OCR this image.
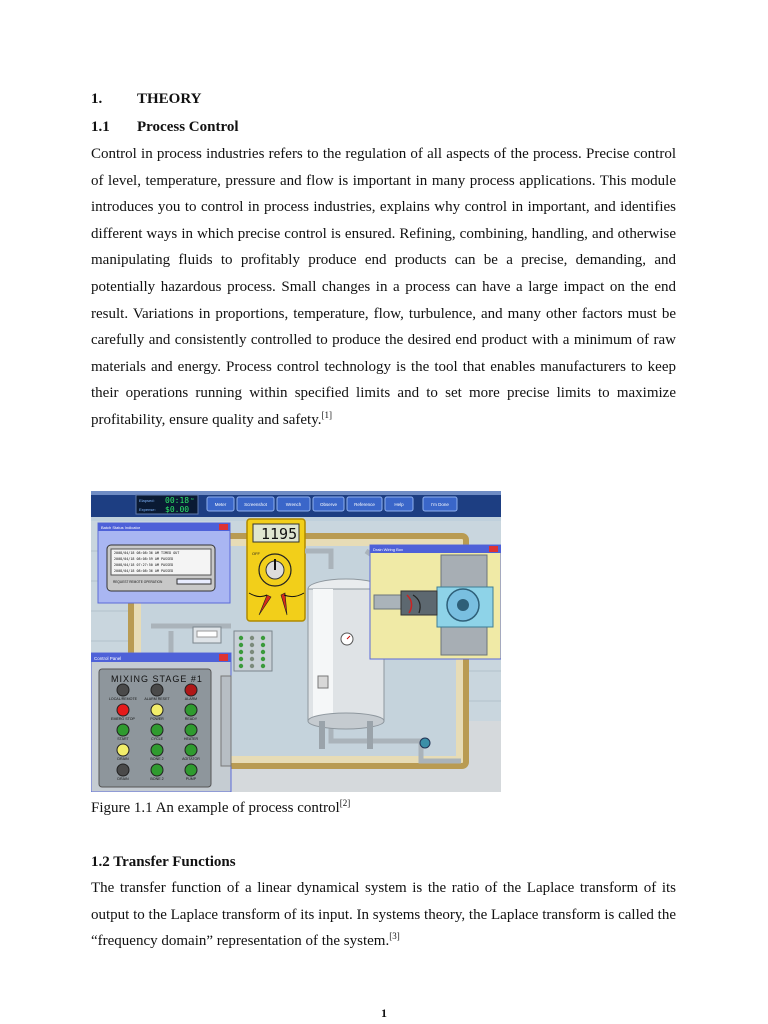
1. THEORY
1.1 Process Control
Control in process industries refers to the regulation of all aspects of the process. Precise control of level, temperature, pressure and flow is important in many process applications. This module introduces you to control in process industries, explains why control in important, and identifies different ways in which precise control is ensured. Refining, combining, handling, and otherwise manipulating fluids to profitably produce end products can be a precise, demanding, and potentially hazardous process. Small changes in a process can have a large impact on the end result. Variations in proportions, temperature, flow, turbulence, and many other factors must be carefully and consistently controlled to produce the desired end product with a minimum of raw materials and energy. Process control technology is the tool that enables manufacturers to keep their operations running within specified limits and to set more precise limits to maximize profitability, ensure quality and safety.[1]
Elapsed: 00:18 M
Expense: $0.00
Meter	Screenshot	Wrench	Observe	Reference	Help	I'm Done
Batch Status Indicator
2008/04/18 08:08:36 AM TIMED OUT
2008/04/18 08:08:59 AM PASSED
2008/04/18 07:27:50 AM PASSED
2008/04/18 08:08:36 AM PASSED
REQUEST REMOTE OPERATION
1195
OFF
Drain Wiring Box
Control Panel
MIXING STAGE #1
LOCAL/REMOTE ALARM RESET	ALARM
EMERG STOP	POWER	READY
START	CYCLE	HEATER
DRAIN	BONE 2	AGITATOR
DRAIN	BONE 2	PUMP
Figure 1.1 An example of process control[2]
1.2 Transfer Functions
The transfer function of a linear dynamical system is the ratio of the Laplace transform of its output to the Laplace transform of its input. In systems theory, the Laplace transform is called the “frequency domain” representation of the system.[3]
1
